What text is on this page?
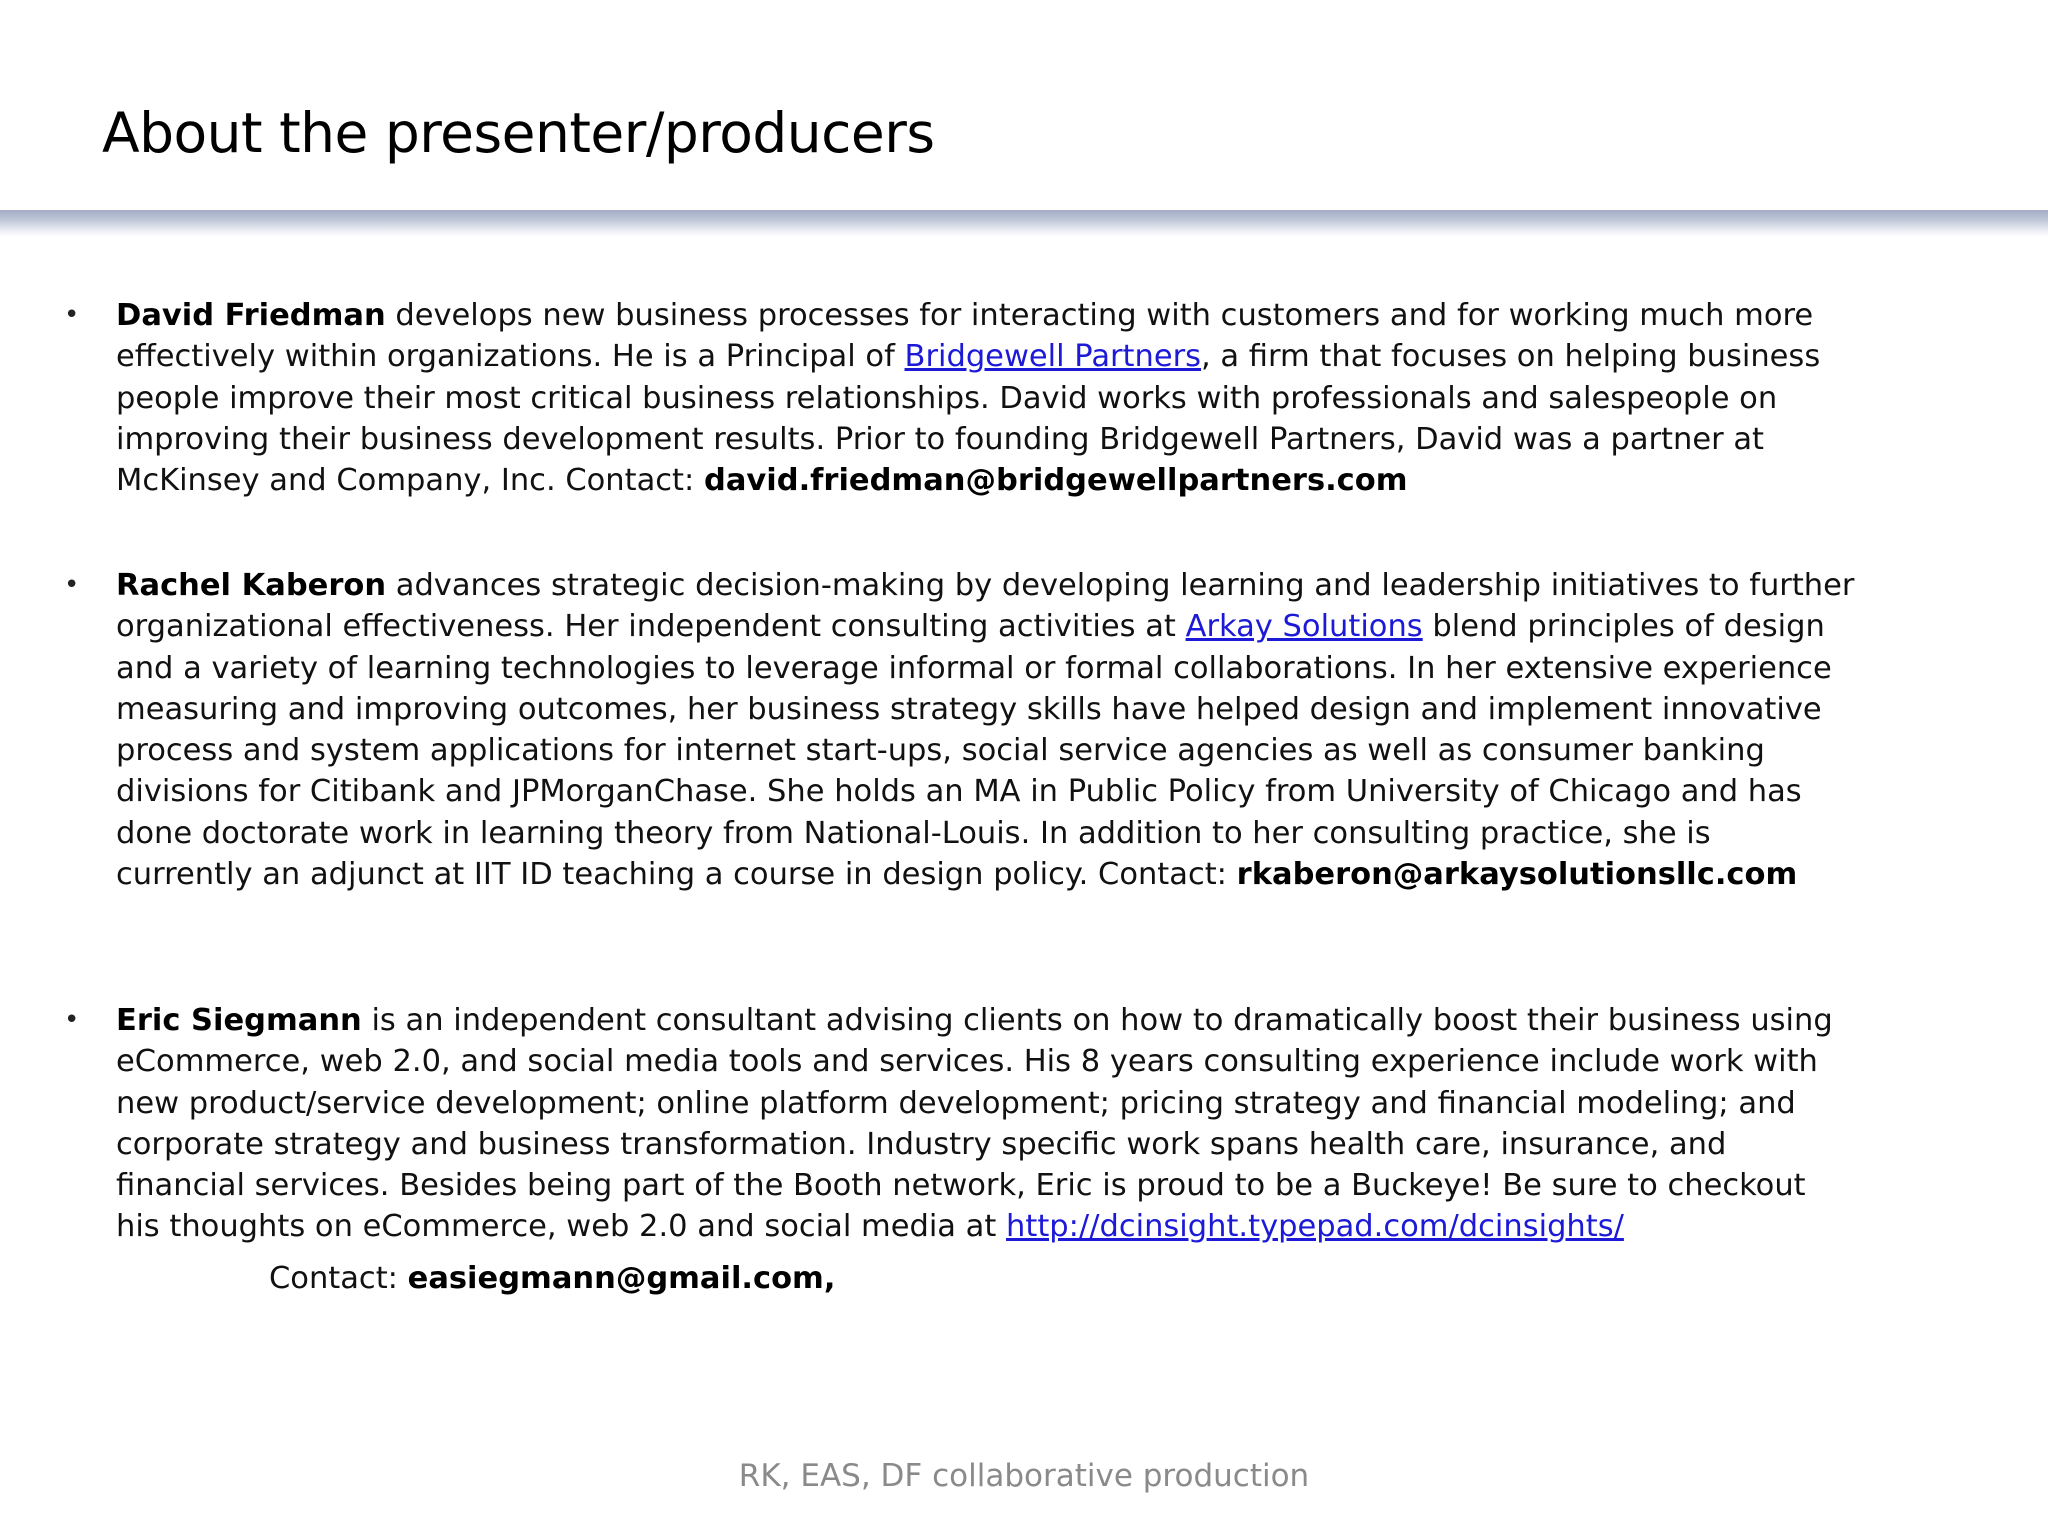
About the presenter/producers
• David Friedman develops new business processes for interacting with customers and for working much more
effectively within organizations. He is a Principal of Bridgewell Partners, a firm that focuses on helping business
people improve their most critical business relationships. David works with professionals and salespeople on
improving their business development results. Prior to founding Bridgewell Partners, David was a partner at
McKinsey and Company, Inc. Contact: david.friedman@bridgewellpartners.com
• Rachel Kaberon advances strategic decision-making by developing learning and leadership initiatives to further
organizational effectiveness. Her independent consulting activities at Arkay Solutions blend principles of design
and a variety of learning technologies to leverage informal or formal collaborations. In her extensive experience
measuring and improving outcomes, her business strategy skills have helped design and implement innovative
process and system applications for internet start-ups, social service agencies as well as consumer banking
divisions for Citibank and JPMorganChase. She holds an MA in Public Policy from University of Chicago and has
done doctorate work in learning theory from National-Louis. In addition to her consulting practice, she is
currently an adjunct at IIT ID teaching a course in design policy. Contact: rkaberon@arkaysolutionsllc.com
• Eric Siegmann is an independent consultant advising clients on how to dramatically boost their business using
eCommerce, web 2.0, and social media tools and services. His 8 years consulting experience include work with
new product/service development; online platform development; pricing strategy and financial modeling; and
corporate strategy and business transformation. Industry specific work spans health care, insurance, and
financial services. Besides being part of the Booth network, Eric is proud to be a Buckeye! Be sure to checkout
his thoughts on eCommerce, web 2.0 and social media at http://dcinsight.typepad.com/dcinsights/
Contact: easiegmann@gmail.com,
RK, EAS, DF collaborative production
